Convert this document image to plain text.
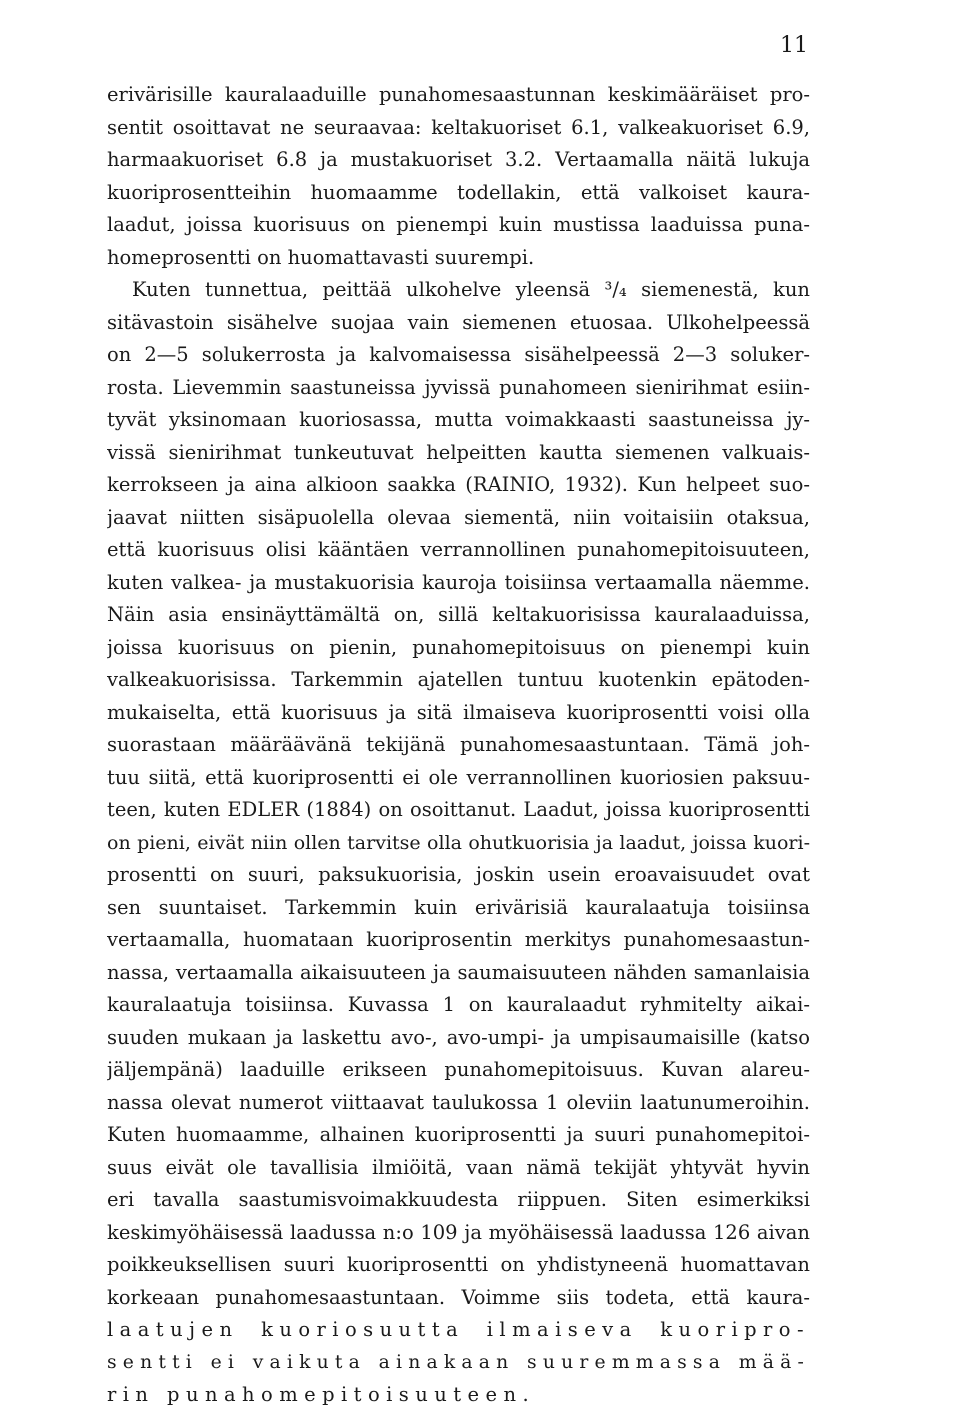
11
erivärisille kauralaaduille punahomesaastunnan keskimääräiset pro-
sentit osoittavat ne seuraavaa: keltakuoriset 6.1, valkeakuoriset 6.9,
harmaakuoriset 6.8 ja mustakuoriset 3.2. Vertaamalla näitä lukuja
kuoriprosentteihin huomaamme todellakin, että valkoiset kaura-
laadut, joissa kuorisuus on pienempi kuin mustissa laaduissa puna-
homeprosentti on huomattavasti suurempi.
Kuten tunnettua, peittää ulkohelve yleensä ³/₄ siemenestä, kun
sitävastoin sisähelve suojaa vain siemenen etuosaa. Ulkohelpeessä
on 2—5 solukerrosta ja kalvomaisessa sisähelpeessä 2—3 soluker-
rosta. Lievemmin saastuneissa jyvissä punahomeen sienirihmat esiin-
tyvät yksinomaan kuoriosassa, mutta voimakkaasti saastuneissa jy-
vissä sienirihmat tunkeutuvat helpeitten kautta siemenen valkuais-
kerrokseen ja aina alkioon saakka (RAINIO, 1932). Kun helpeet suo-
jaavat niitten sisäpuolella olevaa siementä, niin voitaisiin otaksua,
että kuorisuus olisi kääntäen verrannollinen punahomepitoisuuteen,
kuten valkea- ja mustakuorisia kauroja toisiinsa vertaamalla näemme.
Näin asia ensinäyttämältä on, sillä keltakuorisissa kauralaaduissa,
joissa kuorisuus on pienin, punahomepitoisuus on pienempi kuin
valkeakuorisissa. Tarkemmin ajatellen tuntuu kuotenkin epätoden-
mukaiselta, että kuorisuus ja sitä ilmaiseva kuoriprosentti voisi olla
suorastaan määräävänä tekijänä punahomesaastuntaan. Tämä joh-
tuu siitä, että kuoriprosentti ei ole verrannollinen kuoriosien paksuu-
teen, kuten EDLER (1884) on osoittanut. Laadut, joissa kuoriprosentti
on pieni, eivät niin ollen tarvitse olla ohutkuorisia ja laadut, joissa kuori-
prosentti on suuri, paksukuorisia, joskin usein eroavaisuudet ovat
sen suuntaiset. Tarkemmin kuin erivärisiä kauralaatuja toisiinsa
vertaamalla, huomataan kuoriprosentin merkitys punahomesaastun-
nassa, vertaamalla aikaisuuteen ja saumaisuuteen nähden samanlaisia
kauralaatuja toisiinsa. Kuvassa 1 on kauralaadut ryhmitelty aikai-
suuden mukaan ja laskettu avo-, avo-umpi- ja umpisaumaisille (katso
jäljempänä) laaduille erikseen punahomepitoisuus. Kuvan alareu-
nassa olevat numerot viittaavat taulukossa 1 oleviin laatunumeroihin.
Kuten huomaamme, alhainen kuoriprosentti ja suuri punahomepitoi-
suus eivät ole tavallisia ilmiöitä, vaan nämä tekijät yhtyvät hyvin
eri tavalla saastumisvoimakkuudesta riippuen. Siten esimerkiksi
keskimyöhäisessä laadussa n:o 109 ja myöhäisessä laadussa 126 aivan
poikkeuksellisen suuri kuoriprosentti on yhdistyneenä huomattavan
korkeaan punahomesaastuntaan. Voimme siis todeta, että kaura-
laatujen kuoriosuutta ilmaiseva kuoripro-
sentti ei vaikuta ainakaan suuremmassa mää-
rin punahomepitoisuuteen.
